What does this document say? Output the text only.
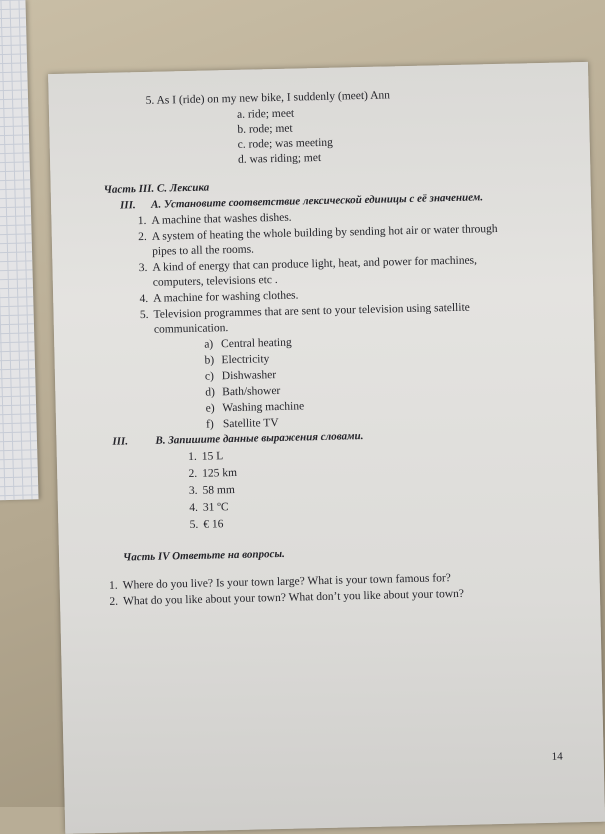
5. As I (ride) on my new bike, I suddenly (meet) Ann
a. ride; meet
b. rode; met
c. rode; was meeting
d. was riding; met
Часть III. C. Лексика
III. A. Установите соответствие лексической единицы с её значением.
1. A machine that washes dishes.
2. A system of heating the whole building by sending hot air or water through
pipes to all the rooms.
3. A kind of energy that can produce light, heat, and power for machines,
computers, televisions etc .
4. A machine for washing clothes.
5. Television programmes that are sent to your television using satellite
communication.
a) Central heating
b) Electricity
c) Dishwasher
d) Bath/shower
e) Washing machine
f) Satellite TV
III. B. Запишите данные выражения словами.
1. 15 L
2. 125 km
3. 58 mm
4. 31 ºC
5. € 16
Часть IV Ответьте на вопросы.
1. Where do you live? Is your town large? What is your town famous for?
2. What do you like about your town? What don’t you like about your town?
14
